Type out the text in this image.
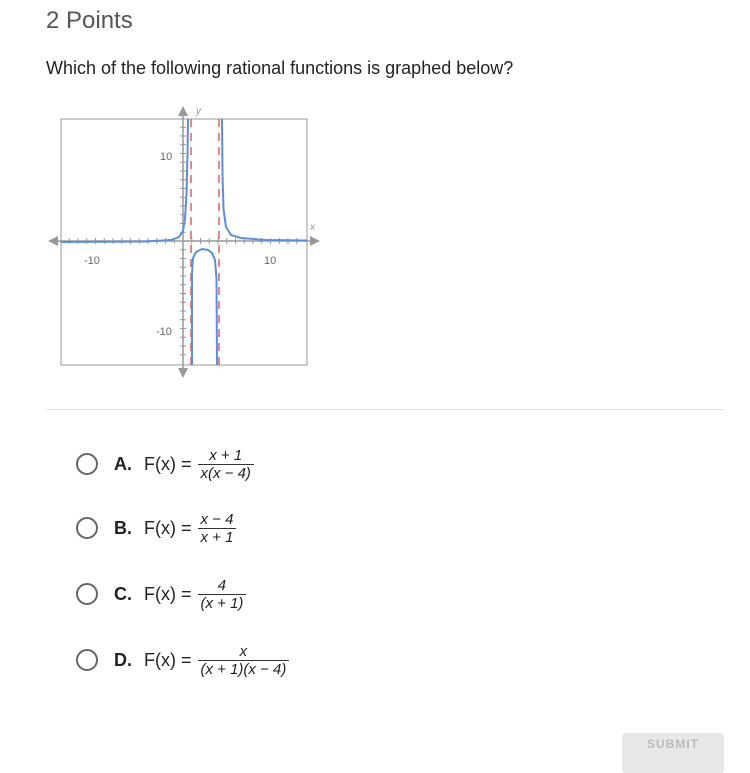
2 Points
Which of the following rational functions is graphed below?
x
y
-10	10
10
-10
A. $F(x) = \frac{x + 1}{x(x - 4)}$
B. $F(x) = \frac{x - 4}{x + 1}$
C. $F(x) = \frac{4}{(x + 1)}$
D. $F(x) = \frac{x}{(x + 1)(x - 4)}$
SUBMIT
